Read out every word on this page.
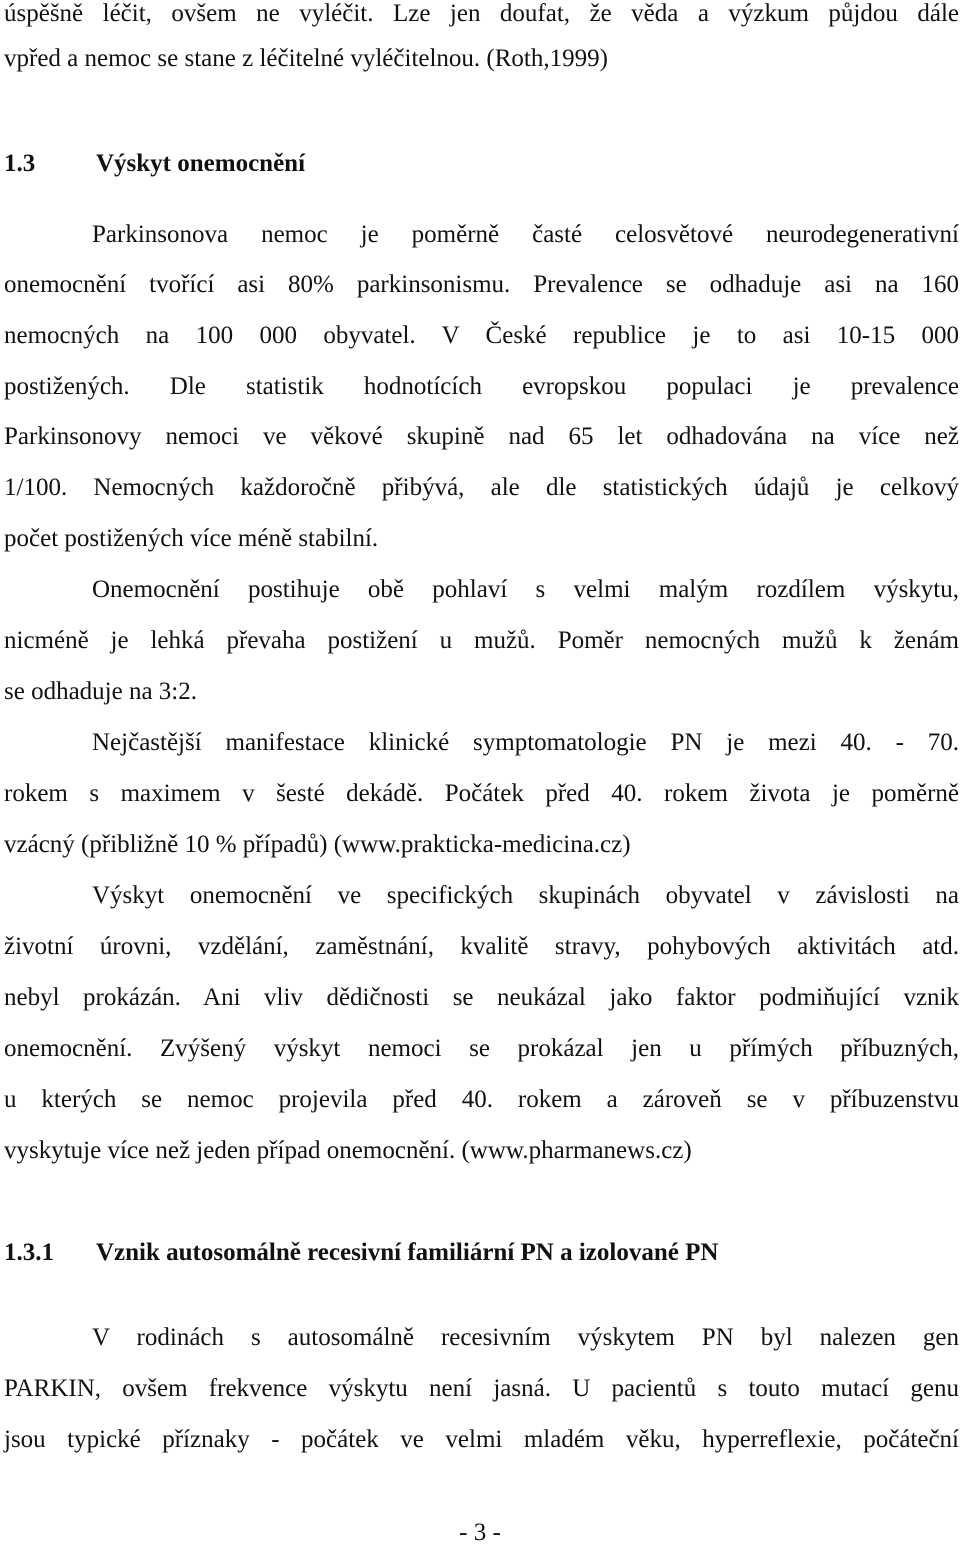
úspěšně léčit, ovšem ne vyléčit. Lze jen doufat, že věda a výzkum půjdou dále
vpřed a nemoc se stane z léčitelné vyléčitelnou. (Roth,1999)
1.3 Výskyt onemocnění
Parkinsonova nemoc je poměrně časté celosvětové neurodegenerativní
onemocnění tvořící asi 80% parkinsonismu. Prevalence se odhaduje asi na 160
nemocných na 100 000 obyvatel. V České republice je to asi 10-15 000
postižených. Dle statistik hodnotících evropskou populaci je prevalence
Parkinsonovy nemoci ve věkové skupině nad 65 let odhadována na více než
1/100. Nemocných každoročně přibývá, ale dle statistických údajů je celkový
počet postižených více méně stabilní.
Onemocnění postihuje obě pohlaví s velmi malým rozdílem výskytu,
nicméně je lehká převaha postižení u mužů. Poměr nemocných mužů k ženám
se odhaduje na 3:2.
Nejčastější manifestace klinické symptomatologie PN je mezi 40. - 70.
rokem s maximem v šesté dekádě. Počátek před 40. rokem života je poměrně
vzácný (přibližně 10 % případů) (www.prakticka-medicina.cz)
Výskyt onemocnění ve specifických skupinách obyvatel v závislosti na
životní úrovni, vzdělání, zaměstnání, kvalitě stravy, pohybových aktivitách atd.
nebyl prokázán. Ani vliv dědičnosti se neukázal jako faktor podmiňující vznik
onemocnění. Zvýšený výskyt nemoci se prokázal jen u přímých příbuzných,
u kterých se nemoc projevila před 40. rokem a zároveň se v příbuzenstvu
vyskytuje více než jeden případ onemocnění. (www.pharmanews.cz)
1.3.1 Vznik autosomálně recesivní familiární PN a izolované PN
V rodinách s autosomálně recesivním výskytem PN byl nalezen gen
PARKIN, ovšem frekvence výskytu není jasná. U pacientů s touto mutací genu
jsou typické příznaky - počátek ve velmi mladém věku, hyperreflexie, počáteční
- 3 -
